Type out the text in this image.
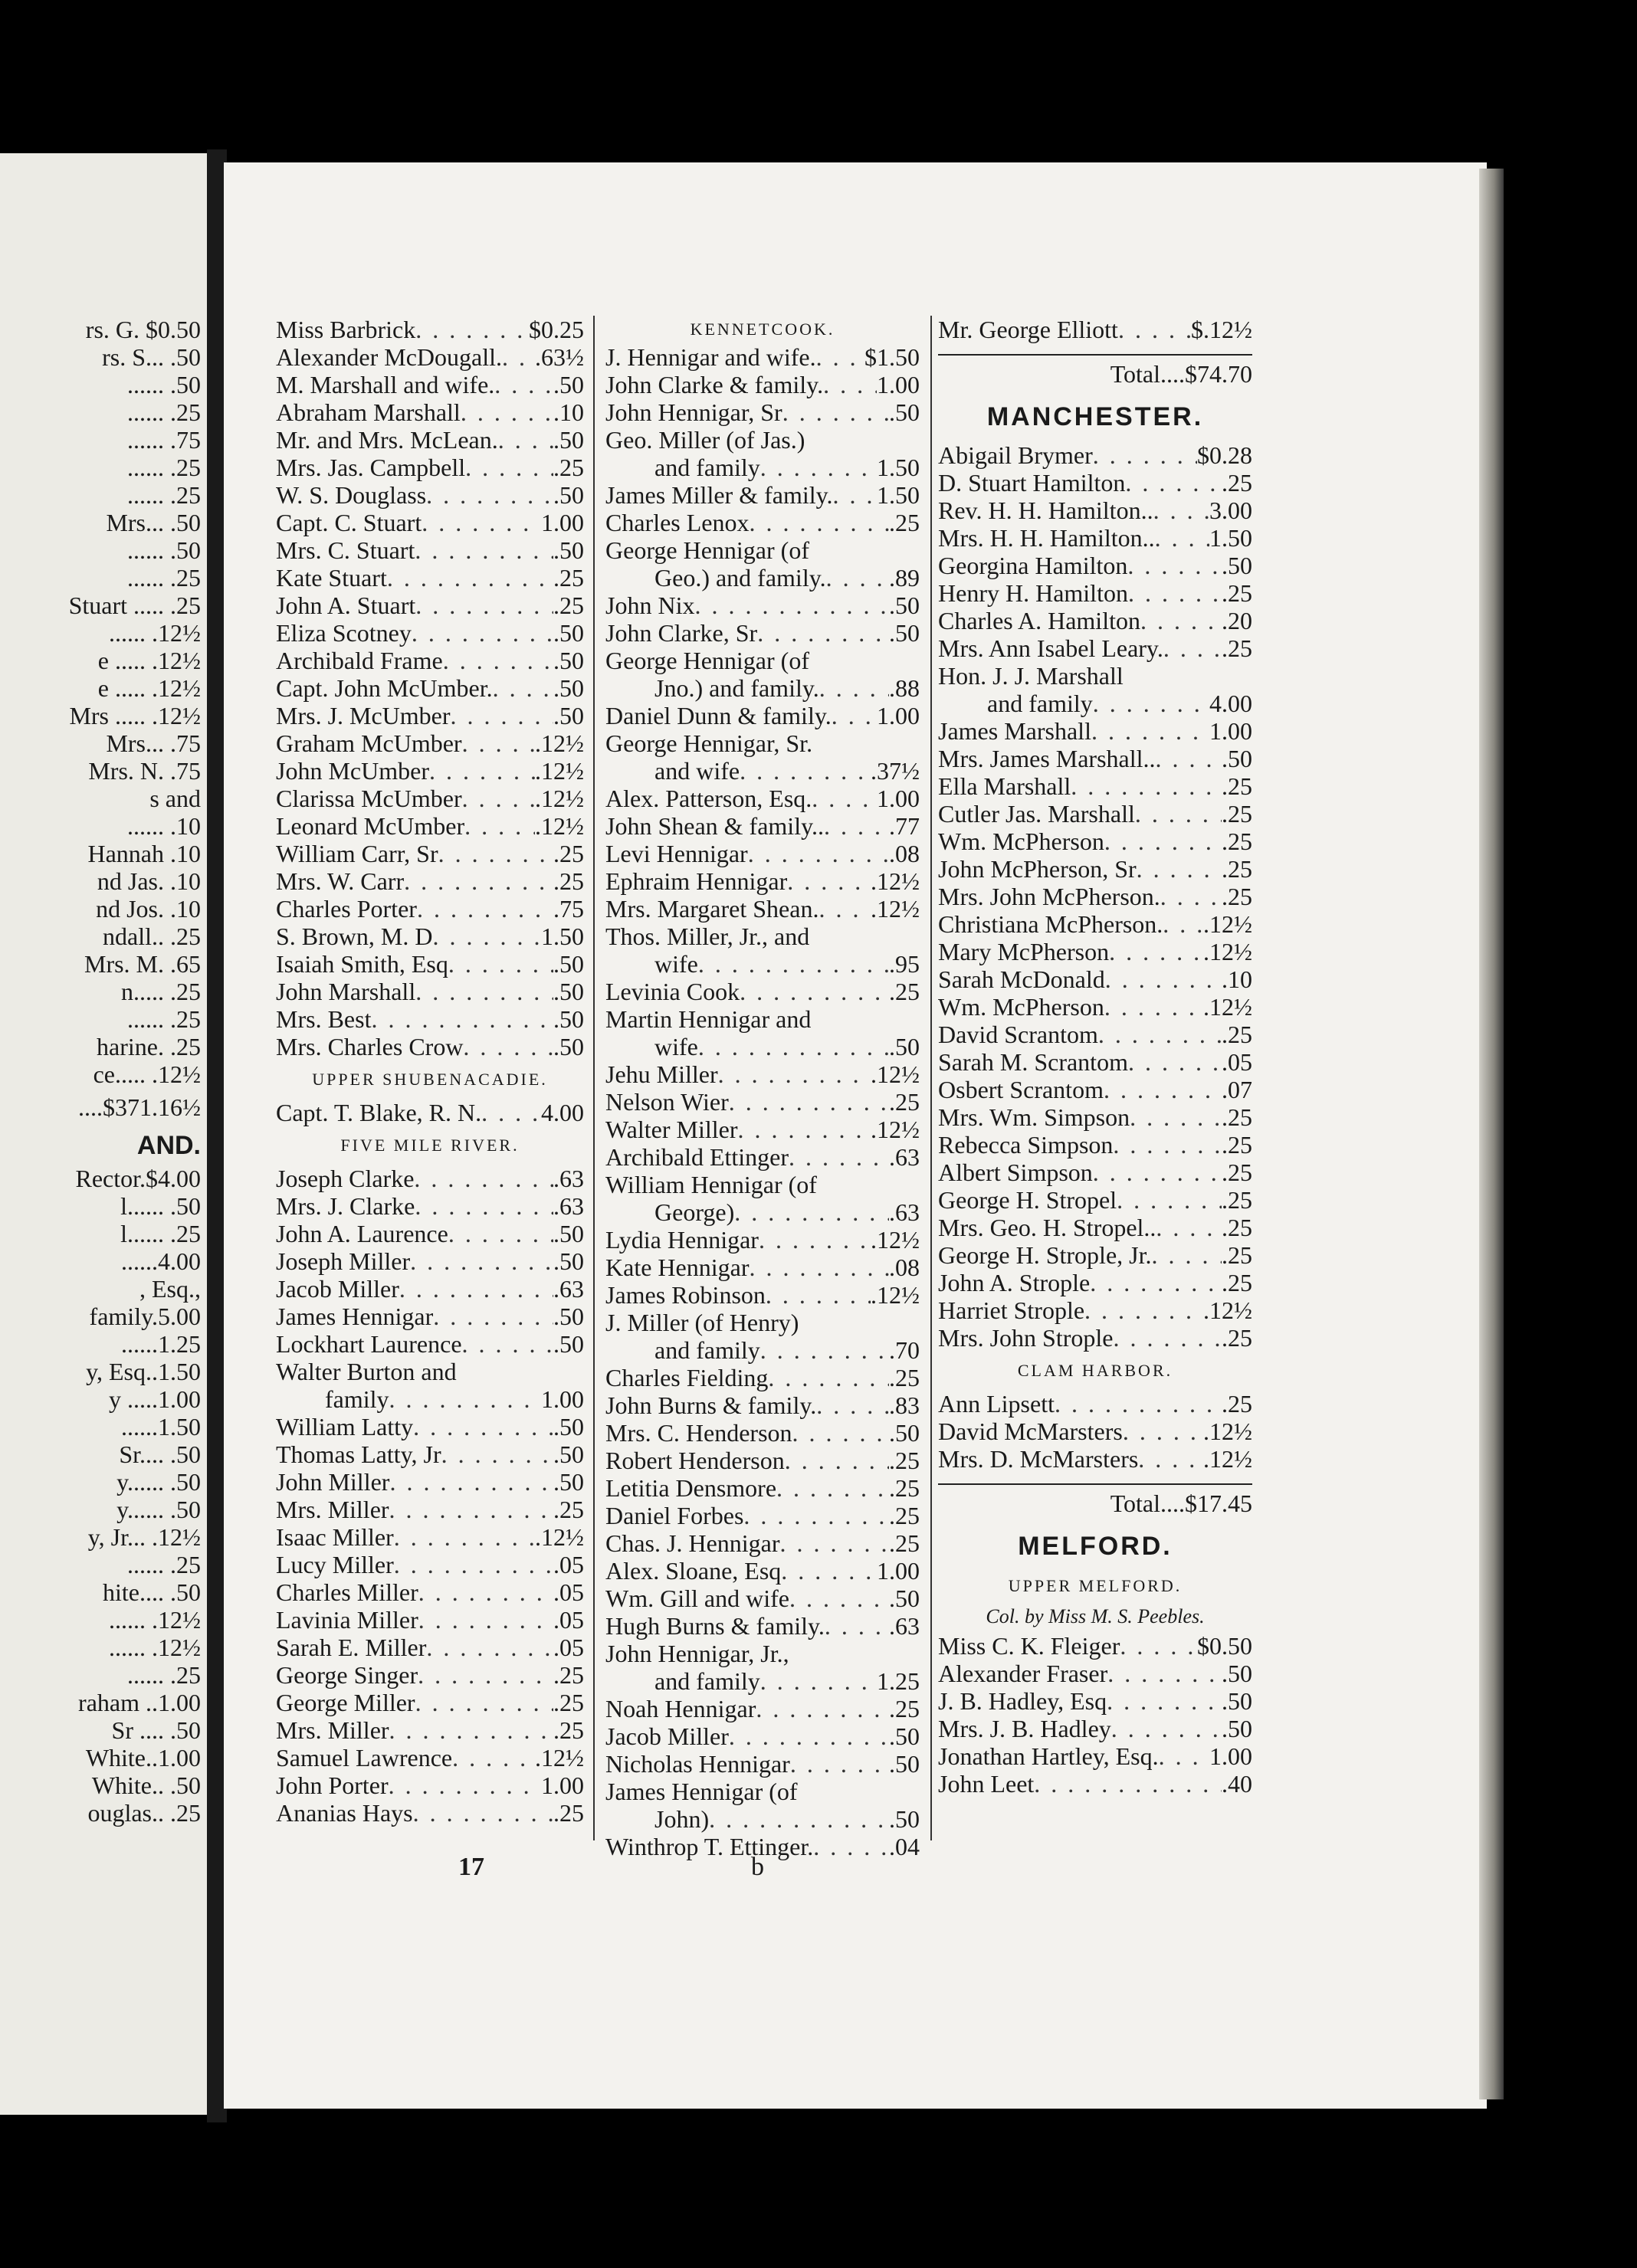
rs. G. $0.50
rs. S... .50
...... .50
...... .25
...... .75
...... .25
...... .25
Mrs... .50
...... .50
...... .25
Stuart ..... .25
...... .12½
e ..... .12½
e ..... .12½
Mrs ..... .12½
Mrs... .75
Mrs. N. .75
s and
...... .10
Hannah .10
nd Jas. .10
nd Jos. .10
ndall.. .25
Mrs. M. .65
n..... .25
...... .25
harine. .25
ce..... .12½
....$371.16½
AND.
Rector.$4.00
l...... .50
l...... .25
......4.00
, Esq.,
family.5.00
......1.25
y, Esq..1.50
y .....1.00
......1.50
Sr.... .50
y...... .50
y...... .50
y, Jr... .12½
...... .25
hite.... .50
...... .12½
...... .12½
...... .25
raham ..1.00
Sr .... .50
White..1.00
White.. .50
ouglas.. .25
Miss Barbrick . . .	$0.25
Alexander McDougall. . . . .63½
M. Marshall and wife. . . . .50
Abraham Marshall . . .	.10
Mr. and Mrs. McLean. . . . .50
Mrs. Jas. Campbell . . .	.25
W. S. Douglass . . .	.50
Capt. C. Stuart . . .	1.00
Mrs. C. Stuart . . .	.50
Kate Stuart . . .	.25
John A. Stuart . . .	.25
Eliza Scotney . . .	.50
Archibald Frame . . .	.50
Capt. John McUmber. . . . .50
Mrs. J. McUmber . . .	.50
Graham McUmber . . .	.12½
John McUmber . . .	.12½
Clarissa McUmber . . .	.12½
Leonard McUmber . . .	.12½
William Carr, Sr . . .	.25
Mrs. W. Carr . . .	.25
Charles Porter . . .	.75
S. Brown, M. D . . .	1.50
Isaiah Smith, Esq . . .	.50
John Marshall . . .	.50
Mrs. Best . . .	.50
Mrs. Charles Crow . . .	.50
UPPER SHUBENACADIE.
Capt. T. Blake, R. N. . . . 4.00
FIVE MILE RIVER.
Joseph Clarke . . .	.63
Mrs. J. Clarke . . .	.63
John A. Laurence . . .	.50
Joseph Miller . . .	.50
Jacob Miller . . .	.63
James Hennigar . . .	.50
Lockhart Laurence . . .	.50
Walter Burton and
family . . .	1.00
William Latty . . .	.50
Thomas Latty, Jr . . .	.50
John Miller . . .	.50
Mrs. Miller . . .	.25
Isaac Miller . . .	.12½
Lucy Miller . . .	.05
Charles Miller . . .	.05
Lavinia Miller . . .	.05
Sarah E. Miller . . .	.05
George Singer . . .	.25
George Miller . . .	.25
Mrs. Miller . . .	.25
Samuel Lawrence . . .	.12½
John Porter . . .	1.00
Ananias Hays . . .	.25
KENNETCOOK.
J. Hennigar and wife. . . . $1.50
John Clarke & family. . . . 1.00
John Hennigar, Sr . . .	.50
Geo. Miller (of Jas.)
and family . . .	1.50
James Miller & family. . . . 1.50
Charles Lenox . . .	.25
George Hennigar (of
Geo.) and family. . . .	.89
John Nix . . .	.50
John Clarke, Sr . . .	.50
George Hennigar (of
Jno.) and family. . . .	.88
Daniel Dunn & family. . . . 1.00
George Hennigar, Sr.
and wife . . .	.37½
Alex. Patterson, Esq. . . .	1.00
John Shean & family.. . . .	.77
Levi Hennigar . . .	.08
Ephraim Hennigar . . .	.12½
Mrs. Margaret Shean. . . . .12½
Thos. Miller, Jr., and
wife . . .	.95
Levinia Cook . . .	.25
Martin Hennigar and
wife . . .	.50
Jehu Miller . . .	.12½
Nelson Wier . . .	.25
Walter Miller . . .	.12½
Archibald Ettinger . . .	.63
William Hennigar (of
George) . . .	.63
Lydia Hennigar . . .	.12½
Kate Hennigar . . .	.08
James Robinson . . .	.12½
J. Miller (of Henry)
and family . . .	.70
Charles Fielding . . .	.25
John Burns & family. . . .	.83
Mrs. C. Henderson . . .	.50
Robert Henderson . . .	.25
Letitia Densmore . . .	.25
Daniel Forbes . . .	.25
Chas. J. Hennigar . . .	.25
Alex. Sloane, Esq . . .	1.00
Wm. Gill and wife . . .	.50
Hugh Burns & family. . . .	.63
John Hennigar, Jr.,
and family . . .	1.25
Noah Hennigar . . .	.25
Jacob Miller . . .	.50
Nicholas Hennigar . . .	.50
James Hennigar (of
John) . . .	.50
Winthrop T. Ettinger. . . .	.04
Mr. George Elliott . . .	$.12½
Total....$74.70
MANCHESTER.
Abigail Brymer . . .	$0.28
D. Stuart Hamilton . . .	.25
Rev. H. H. Hamilton.. . . . 3.00
Mrs. H. H. Hamilton.. . . . 1.50
Georgina Hamilton . . .	.50
Henry H. Hamilton . . .	.25
Charles A. Hamilton . . .	.20
Mrs. Ann Isabel Leary. . . . .25
Hon. J. J. Marshall
and family . . .	4.00
James Marshall . . .	1.00
Mrs. James Marshall.. . . .	.50
Ella Marshall . . .	.25
Cutler Jas. Marshall . . .	.25
Wm. McPherson . . .	.25
John McPherson, Sr . . .	.25
Mrs. John McPherson. . . .	.25
Christiana McPherson. . . . .12½
Mary McPherson . . .	.12½
Sarah McDonald . . .	.10
Wm. McPherson . . .	.12½
David Scrantom . . .	.25
Sarah M. Scrantom . . .	.05
Osbert Scrantom . . .	.07
Mrs. Wm. Simpson . . .	.25
Rebecca Simpson . . .	.25
Albert Simpson . . .	.25
George H. Stropel . . .	.25
Mrs. Geo. H. Stropel.. . . .	.25
George H. Strople, Jr. . . .	.25
John A. Strople . . .	.25
Harriet Strople . . .	.12½
Mrs. John Strople . . .	.25
CLAM HARBOR.
Ann Lipsett . . .	.25
David McMarsters . . .	.12½
Mrs. D. McMarsters . . .	.12½
Total....$17.45
MELFORD.
UPPER MELFORD.
Col. by Miss M. S. Peebles.
Miss C. K. Fleiger . . .	$0.50
Alexander Fraser . . .	.50
J. B. Hadley, Esq . . .	.50
Mrs. J. B. Hadley . . .	.50
Jonathan Hartley, Esq. . . . 1.00
John Leet . . .	.40
17	b
